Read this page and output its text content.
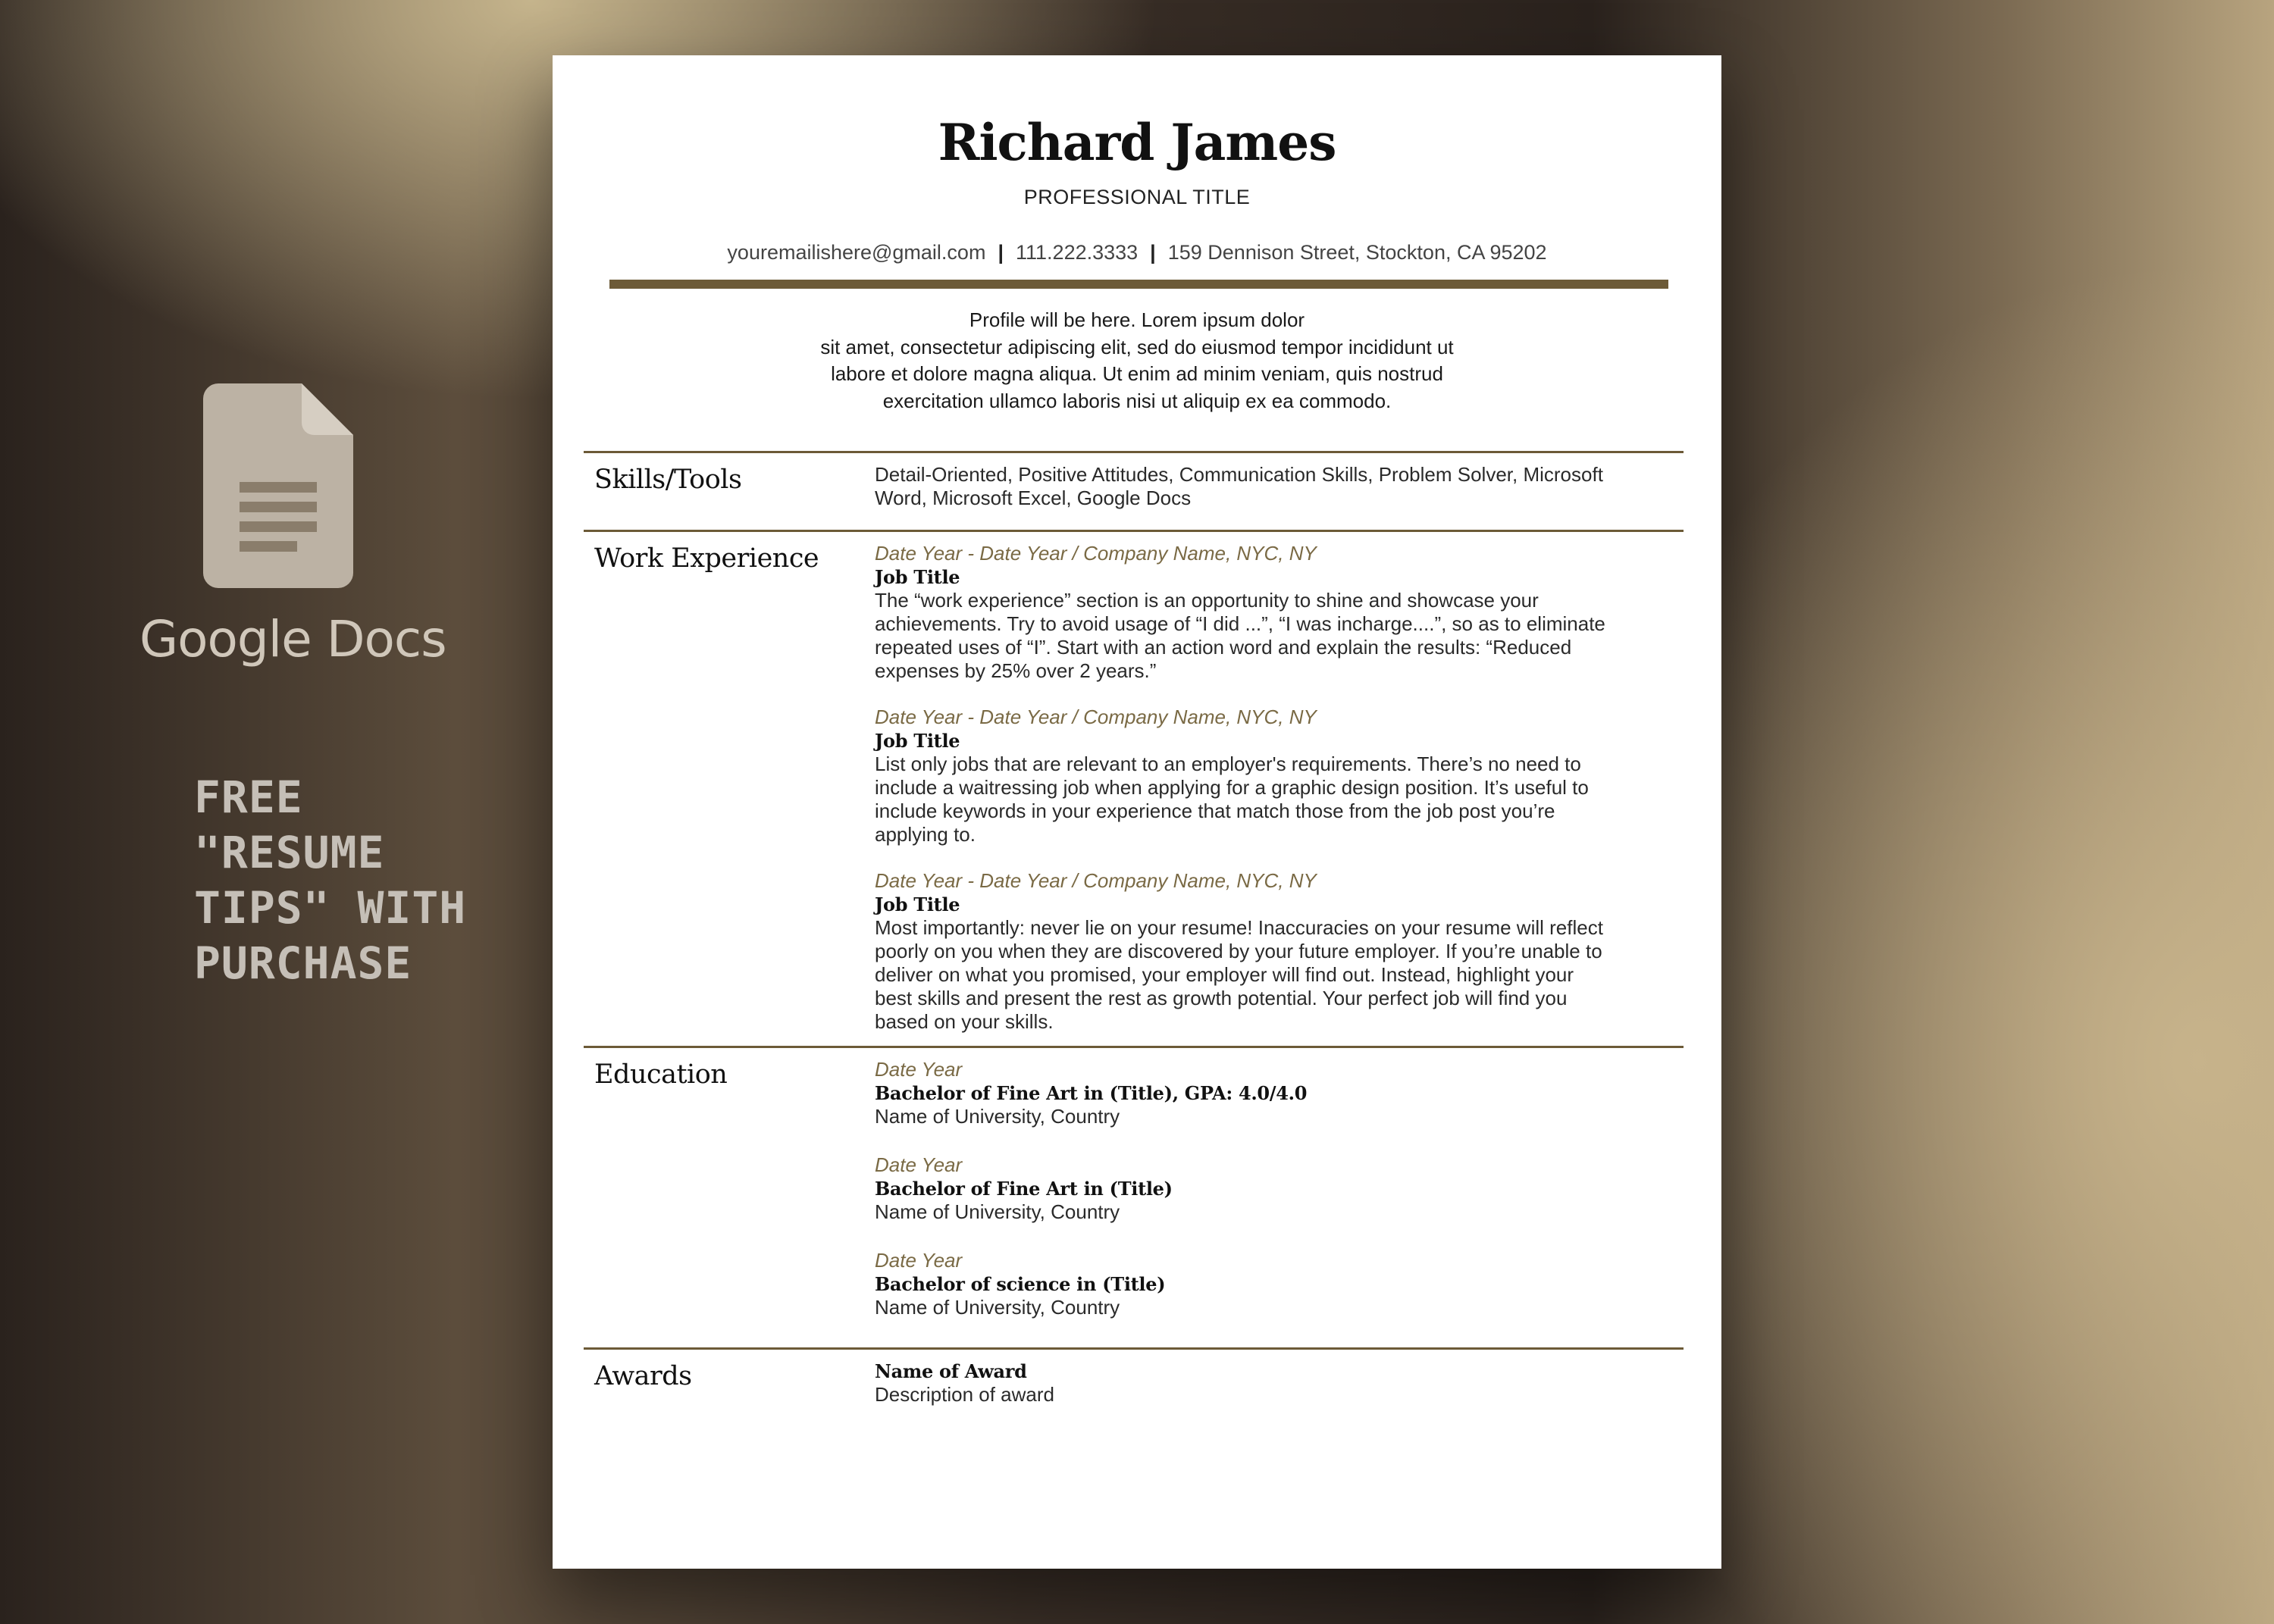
Google Docs
FREE
"RESUME
TIPS" WITH
PURCHASE
Richard James
PROFESSIONAL TITLE
youremailishere@gmail.com | 111.222.3333 | 159 Dennison Street, Stockton, CA 95202
Profile will be here. Lorem ipsum dolor
sit amet, consectetur adipiscing elit, sed do eiusmod tempor incididunt ut
labore et dolore magna aliqua. Ut enim ad minim veniam, quis nostrud
exercitation ullamco laboris nisi ut aliquip ex ea commodo.
Skills/Tools	Detail-Oriented, Positive Attitudes, Communication Skills, Problem Solver, Microsoft
Word, Microsoft Excel, Google Docs
Work Experience	Date Year - Date Year / Company Name, NYC, NY
Job Title
The “work experience” section is an opportunity to shine and showcase your
achievements. Try to avoid usage of “I did ...”, “I was incharge....”, so as to eliminate
repeated uses of “I”. Start with an action word and explain the results: “Reduced
expenses by 25% over 2 years.”
Date Year - Date Year / Company Name, NYC, NY
Job Title
List only jobs that are relevant to an employer's requirements. There’s no need to
include a waitressing job when applying for a graphic design position. It’s useful to
include keywords in your experience that match those from the job post you’re
applying to.
Date Year - Date Year / Company Name, NYC, NY
Job Title
Most importantly: never lie on your resume! Inaccuracies on your resume will reflect
poorly on you when they are discovered by your future employer. If you’re unable to
deliver on what you promised, your employer will find out. Instead, highlight your
best skills and present the rest as growth potential. Your perfect job will find you
based on your skills.
Education	Date Year
Bachelor of Fine Art in (Title), GPA: 4.0/4.0
Name of University, Country
Date Year
Bachelor of Fine Art in (Title)
Name of University, Country
Date Year
Bachelor of science in (Title)
Name of University, Country
Awards	Name of Award
Description of award
